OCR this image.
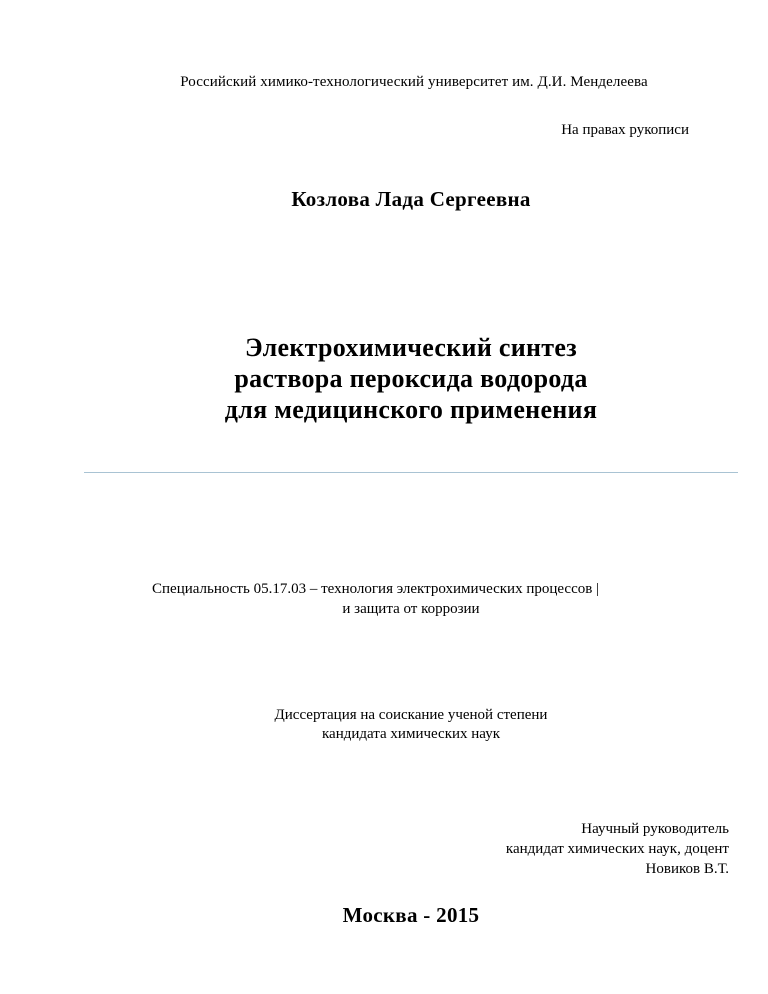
Российский химико-технологический университет им. Д.И. Менделеева
На правах рукописи
Козлова Лада Сергеевна
Электрохимический синтез
раствора пероксида водорода
для медицинского применения
Специальность 05.17.03 – технология электрохимических процессов |
и защита от коррозии
Диссертация на соискание ученой степени
кандидата химических наук
Научный руководитель
кандидат химических наук, доцент
Новиков В.Т.
Москва - 2015
